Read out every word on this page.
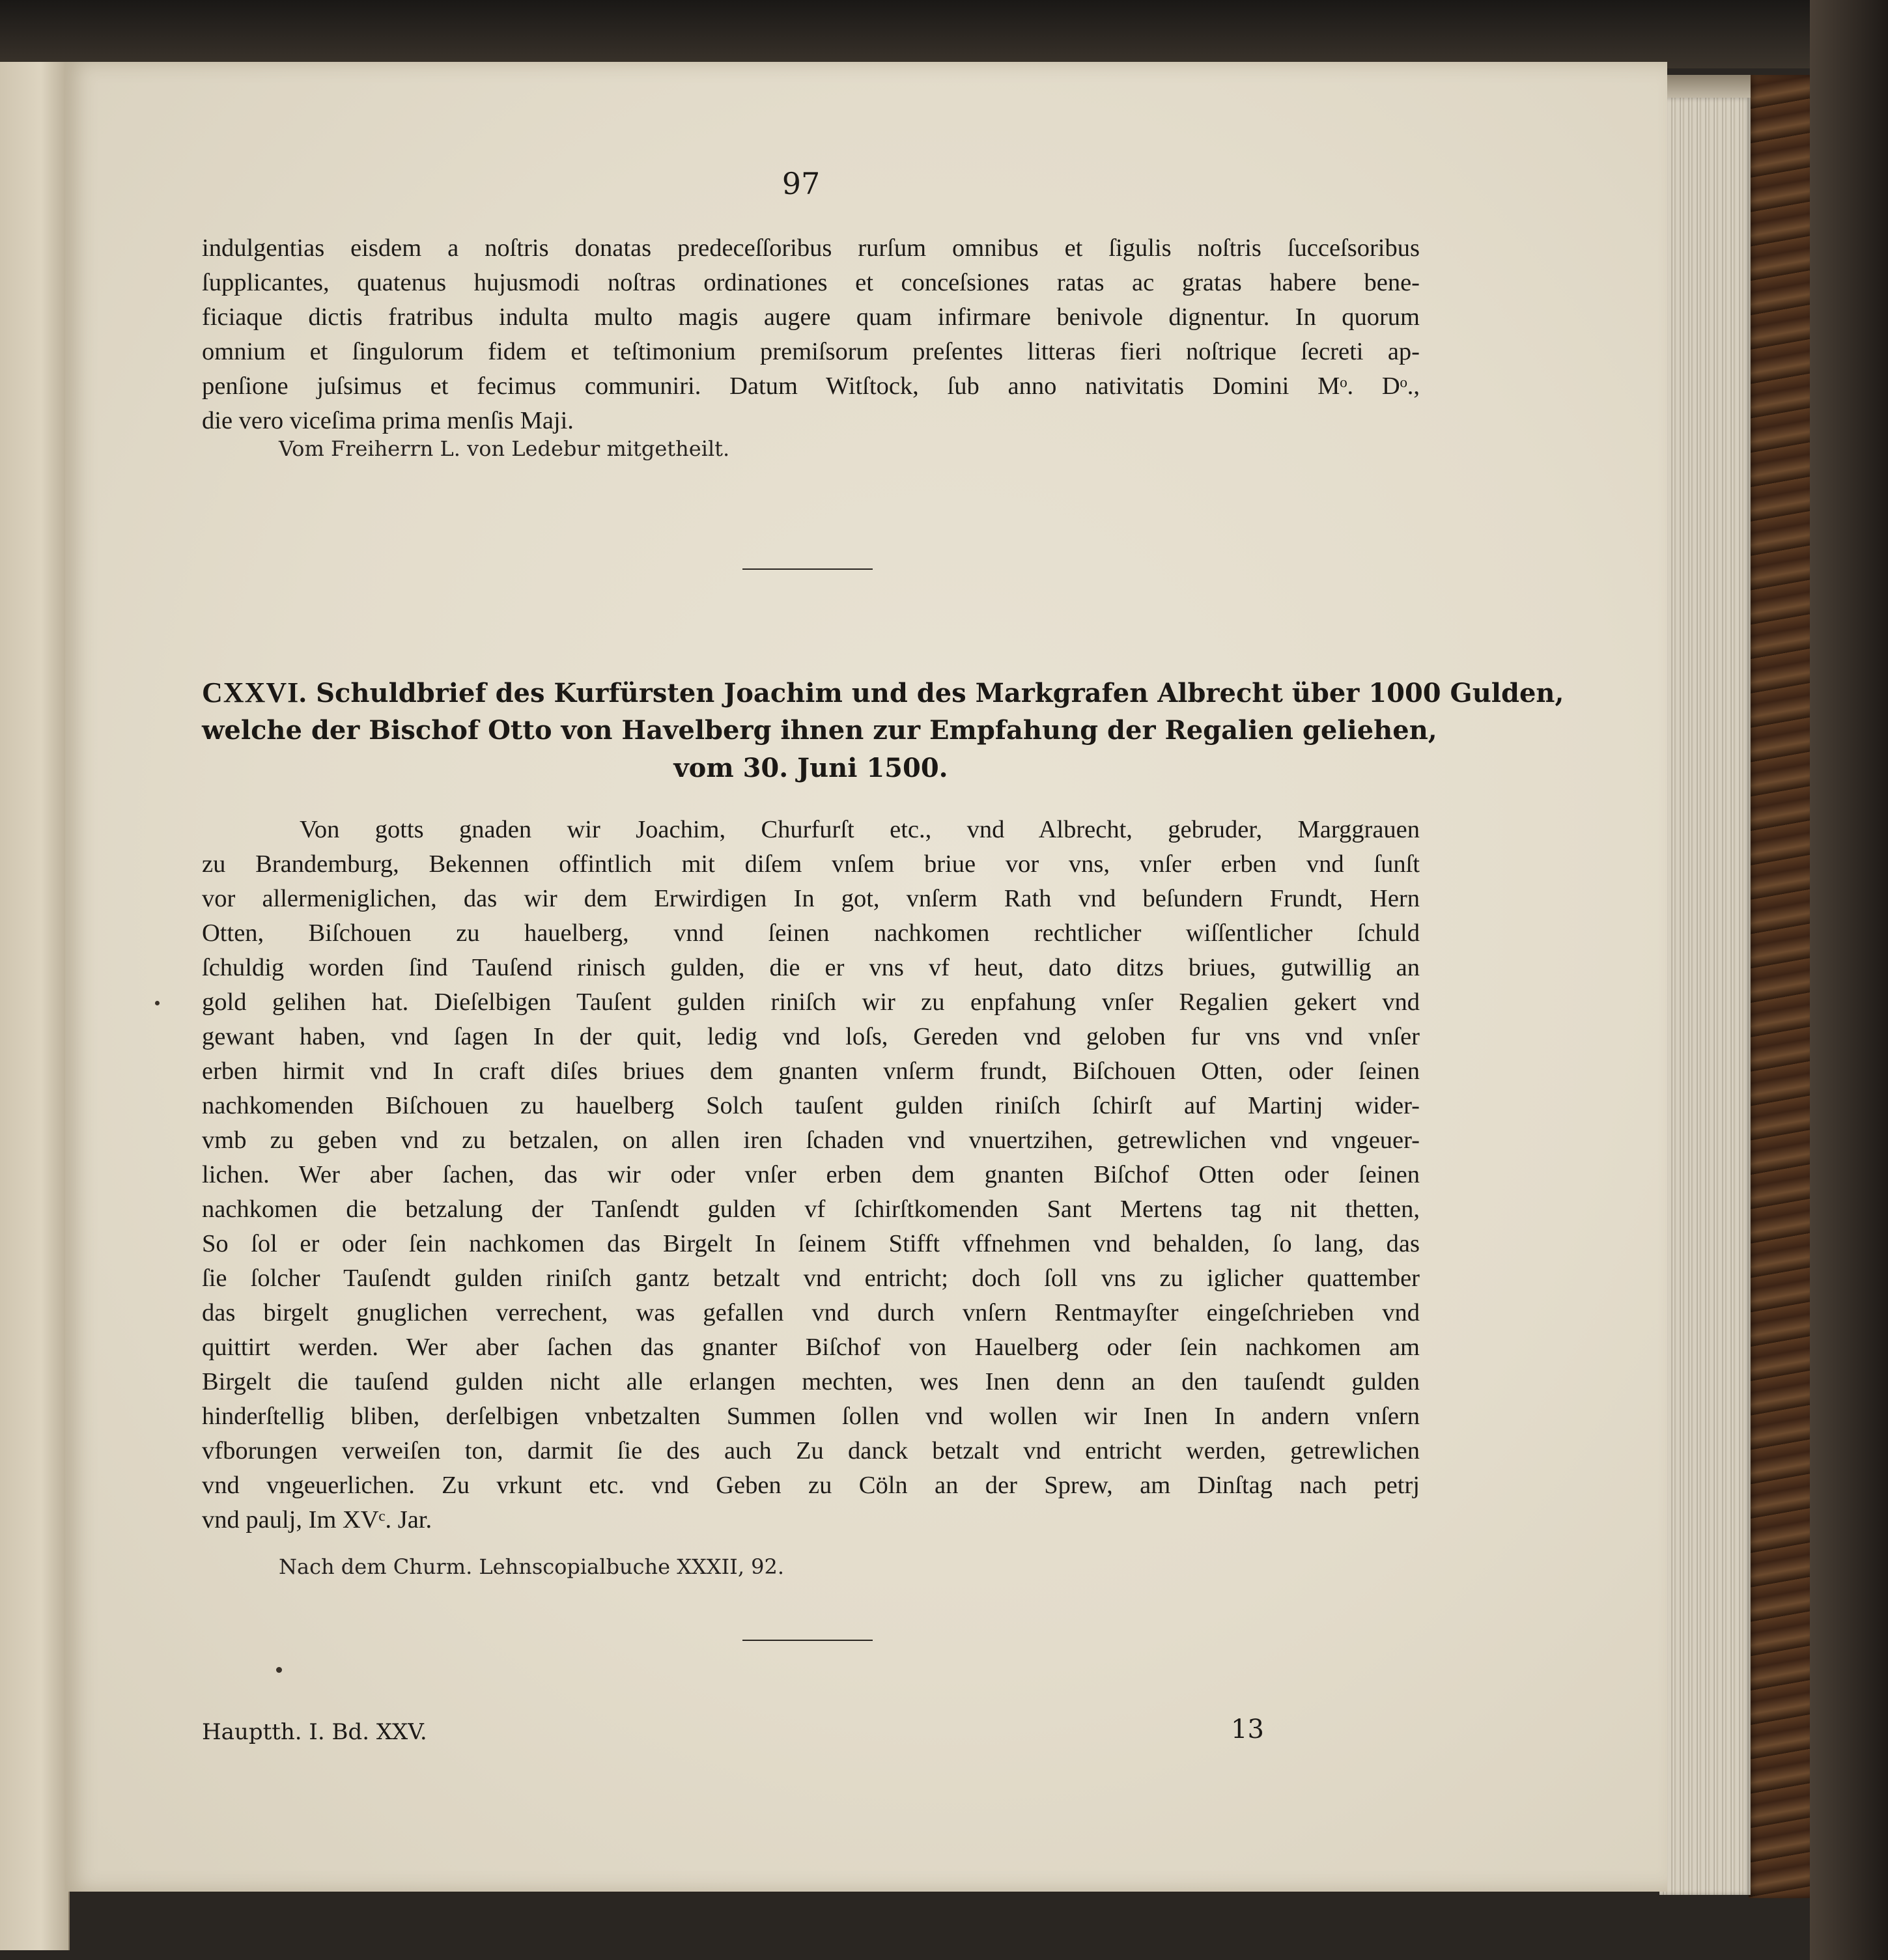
97
indulgentias eisdem a noſtris donatas predeceſſoribus rurſum omnibus et ſigulis noſtris ſucceſsoribus
ſupplicantes, quatenus hujusmodi noſtras ordinationes et conceſsiones ratas ac gratas habere bene-
ficiaque dictis fratribus indulta multo magis augere quam infirmare benivole dignentur. In quorum
omnium et ſingulorum fidem et teſtimonium premiſsorum preſentes litteras fieri noſtrique ſecreti ap-
penſione juſsimus et fecimus communiri. Datum Witſtock, ſub anno nativitatis Domini Mᵒ. Dᵒ.,
die vero viceſima prima menſis Maji.
Vom Freiherrn L. von Ledebur mitgetheilt.
CXXVI. Schuldbrief des Kurfürsten Joachim und des Markgrafen Albrecht über 1000 Gulden,
welche der Bischof Otto von Havelberg ihnen zur Empfahung der Regalien geliehen,
vom 30. Juni 1500.
Von gotts gnaden wir Joachim, Churfurſt etc., vnd Albrecht, gebruder, Marggrauen
zu Brandemburg, Bekennen offintlich mit diſem vnſem briue vor vns, vnſer erben vnd ſunſt
vor allermeniglichen, das wir dem Erwirdigen In got, vnſerm Rath vnd beſundern Frundt, Hern
Otten, Biſchouen zu hauelberg, vnnd ſeinen nachkomen rechtlicher wiſſentlicher ſchuld
ſchuldig worden ſind Tauſend rinisch gulden, die er vns vf heut, dato ditzs briues, gutwillig an
gold gelihen hat. Dieſelbigen Tauſent gulden riniſch wir zu enpfahung vnſer Regalien gekert vnd
gewant haben, vnd ſagen In der quit, ledig vnd loſs, Gereden vnd geloben fur vns vnd vnſer
erben hirmit vnd In craft diſes briues dem gnanten vnſerm frundt, Biſchouen Otten, oder ſeinen
nachkomenden Biſchouen zu hauelberg Solch tauſent gulden riniſch ſchirſt auf Martinj wider-
vmb zu geben vnd zu betzalen, on allen iren ſchaden vnd vnuertzihen, getrewlichen vnd vngeuer-
lichen. Wer aber ſachen, das wir oder vnſer erben dem gnanten Biſchof Otten oder ſeinen
nachkomen die betzalung der Tanſendt gulden vf ſchirſtkomenden Sant Mertens tag nit thetten,
So ſol er oder ſein nachkomen das Birgelt In ſeinem Stifft vffnehmen vnd behalden, ſo lang, das
ſie ſolcher Tauſendt gulden riniſch gantz betzalt vnd entricht; doch ſoll vns zu iglicher quattember
das birgelt gnuglichen verrechent, was gefallen vnd durch vnſern Rentmayſter eingeſchrieben vnd
quittirt werden. Wer aber ſachen das gnanter Biſchof von Hauelberg oder ſein nachkomen am
Birgelt die tauſend gulden nicht alle erlangen mechten, wes Inen denn an den tauſendt gulden
hinderſtellig bliben, derſelbigen vnbetzalten Summen ſollen vnd wollen wir Inen In andern vnſern
vfborungen verweiſen ton, darmit ſie des auch Zu danck betzalt vnd entricht werden, getrewlichen
vnd vngeuerlichen. Zu vrkunt etc. vnd Geben zu Cöln an der Sprew, am Dinſtag nach petrj
vnd paulj, Im XVᶜ. Jar.
Nach dem Churm. Lehnscopialbuche XXXII, 92.
Hauptth. I. Bd. XXV.	13
